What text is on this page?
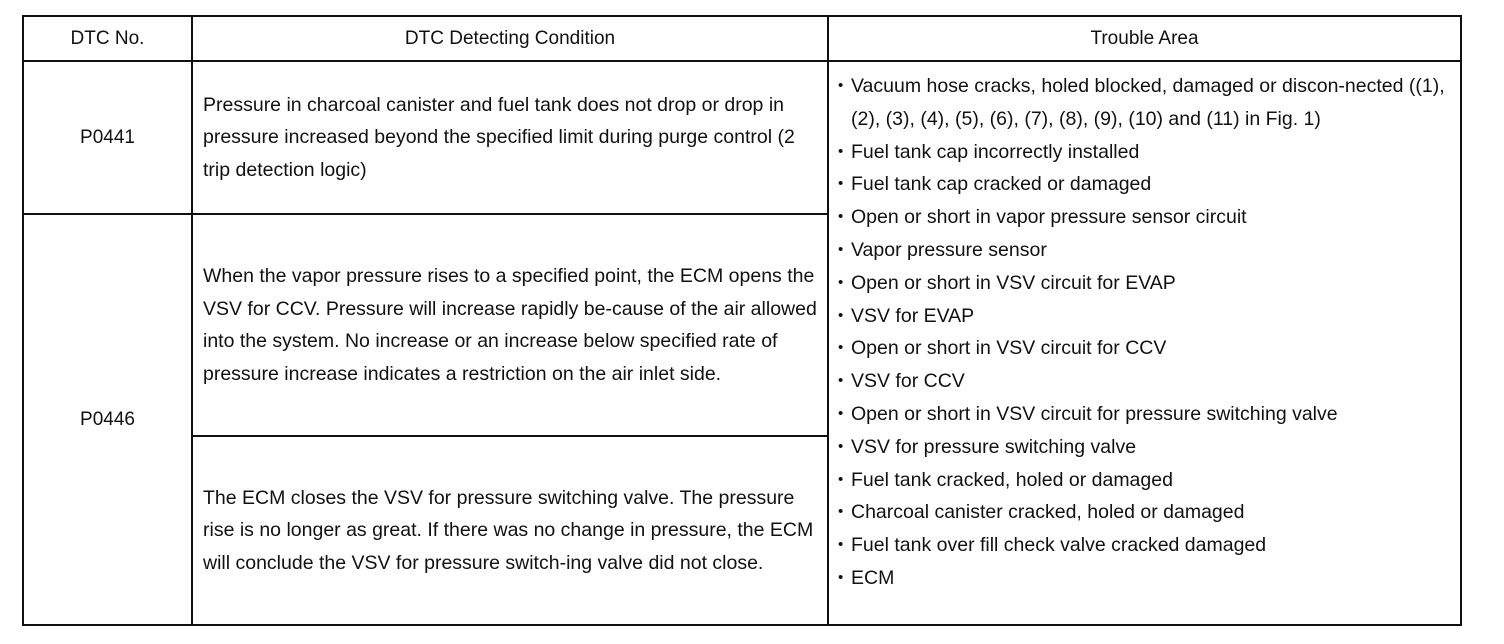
DTC No.	DTC Detecting Condition	Trouble Area
P0441
P0446
Pressure in charcoal canister and fuel tank does not drop or drop in pressure increased beyond the specified limit during purge control (2 trip detection logic)
When the vapor pressure rises to a specified point, the ECM opens the VSV for CCV. Pressure will increase rapidly be-cause of the air allowed into the system. No increase or an increase below specified rate of pressure increase indicates a restriction on the air inlet side.
The ECM closes the VSV for pressure switching valve. The pressure rise is no longer as great. If there was no change in pressure, the ECM will conclude the VSV for pressure switch-ing valve did not close.
• Vacuum hose cracks, holed blocked, damaged or discon-nected ((1), (2), (3), (4), (5), (6), (7), (8), (9), (10) and (11) in Fig. 1)
• Fuel tank cap incorrectly installed
• Fuel tank cap cracked or damaged
• Open or short in vapor pressure sensor circuit
• Vapor pressure sensor
• Open or short in VSV circuit for EVAP
• VSV for EVAP
• Open or short in VSV circuit for CCV
• VSV for CCV
• Open or short in VSV circuit for pressure switching valve
• VSV for pressure switching valve
• Fuel tank cracked, holed or damaged
• Charcoal canister cracked, holed or damaged
• Fuel tank over fill check valve cracked damaged
• ECM
